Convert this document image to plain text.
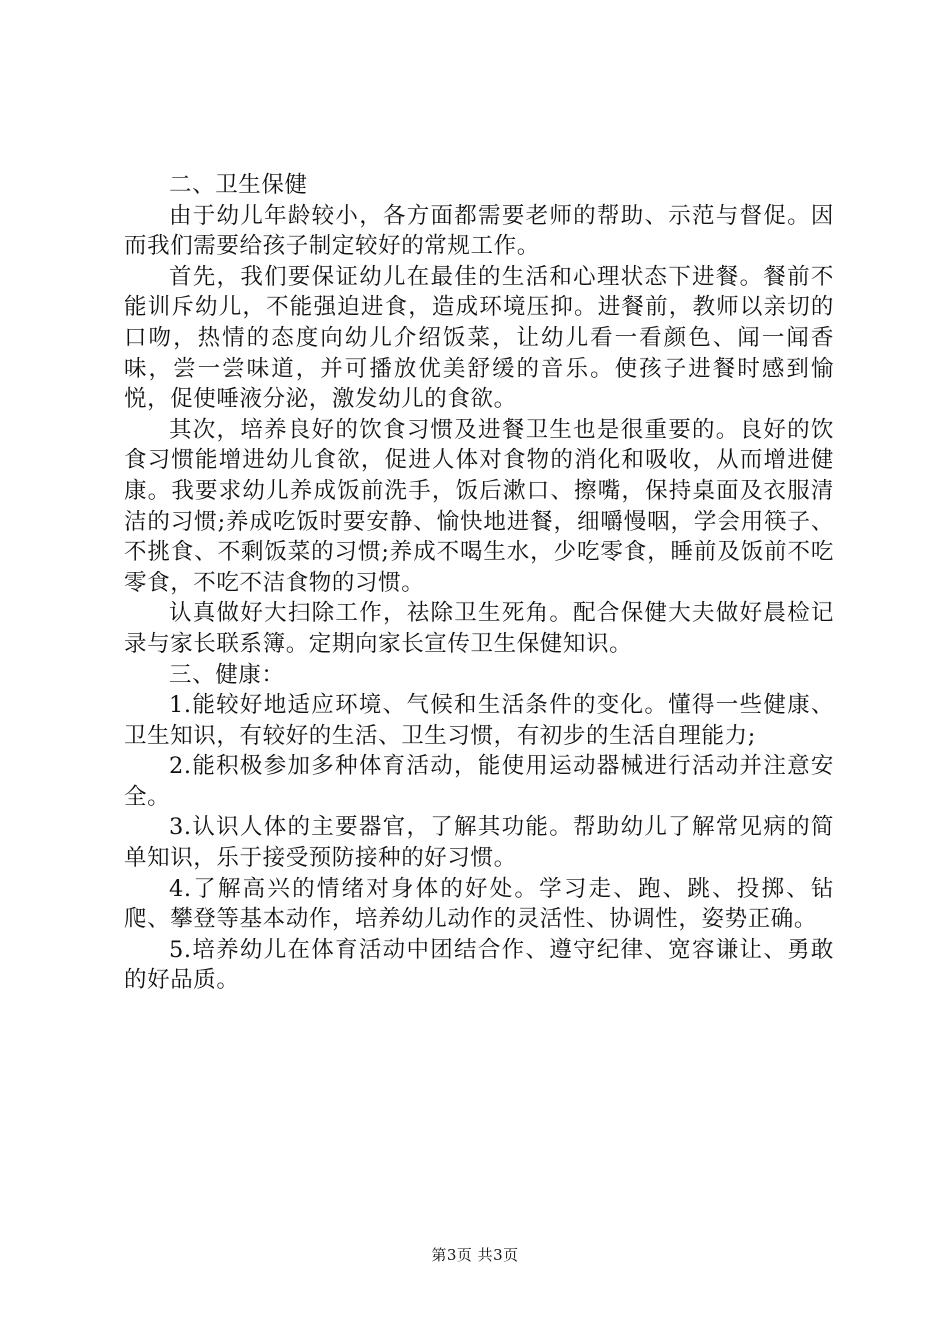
二、卫生保健

由于幼儿年龄较小，各方面都需要老师的帮助、示范与督促。因而我们需要给孩子制定较好的常规工作。

首先，我们要保证幼儿在最佳的生活和心理状态下进餐。餐前不能训斥幼儿，不能强迫进食，造成环境压抑。进餐前，教师以亲切的口吻，热情的态度向幼儿介绍饭菜，让幼儿看一看颜色、闻一闻香味，尝一尝味道，并可播放优美舒缓的音乐。使孩子进餐时感到愉悦，促使唾液分泌，激发幼儿的食欲。

其次，培养良好的饮食习惯及进餐卫生也是很重要的。良好的饮食习惯能增进幼儿食欲，促进人体对食物的消化和吸收，从而增进健康。我要求幼儿养成饭前洗手，饭后漱口、擦嘴，保持桌面及衣服清洁的习惯;养成吃饭时要安静、愉快地进餐，细嚼慢咽，学会用筷子、不挑食、不剩饭菜的习惯;养成不喝生水，少吃零食，睡前及饭前不吃零食，不吃不洁食物的习惯。

认真做好大扫除工作，祛除卫生死角。配合保健大夫做好晨检记录与家长联系簿。定期向家长宣传卫生保健知识。

三、健康：

1.能较好地适应环境、气候和生活条件的变化。懂得一些健康、卫生知识，有较好的生活、卫生习惯，有初步的生活自理能力;

2.能积极参加多种体育活动，能使用运动器械进行活动并注意安全。

3.认识人体的主要器官，了解其功能。帮助幼儿了解常见病的简单知识，乐于接受预防接种的好习惯。

4.了解高兴的情绪对身体的好处。学习走、跑、跳、投掷、钻爬、攀登等基本动作，培养幼儿动作的灵活性、协调性，姿势正确。

5.培养幼儿在体育活动中团结合作、遵守纪律、宽容谦让、勇敢的好品质。

第3页 共3页
